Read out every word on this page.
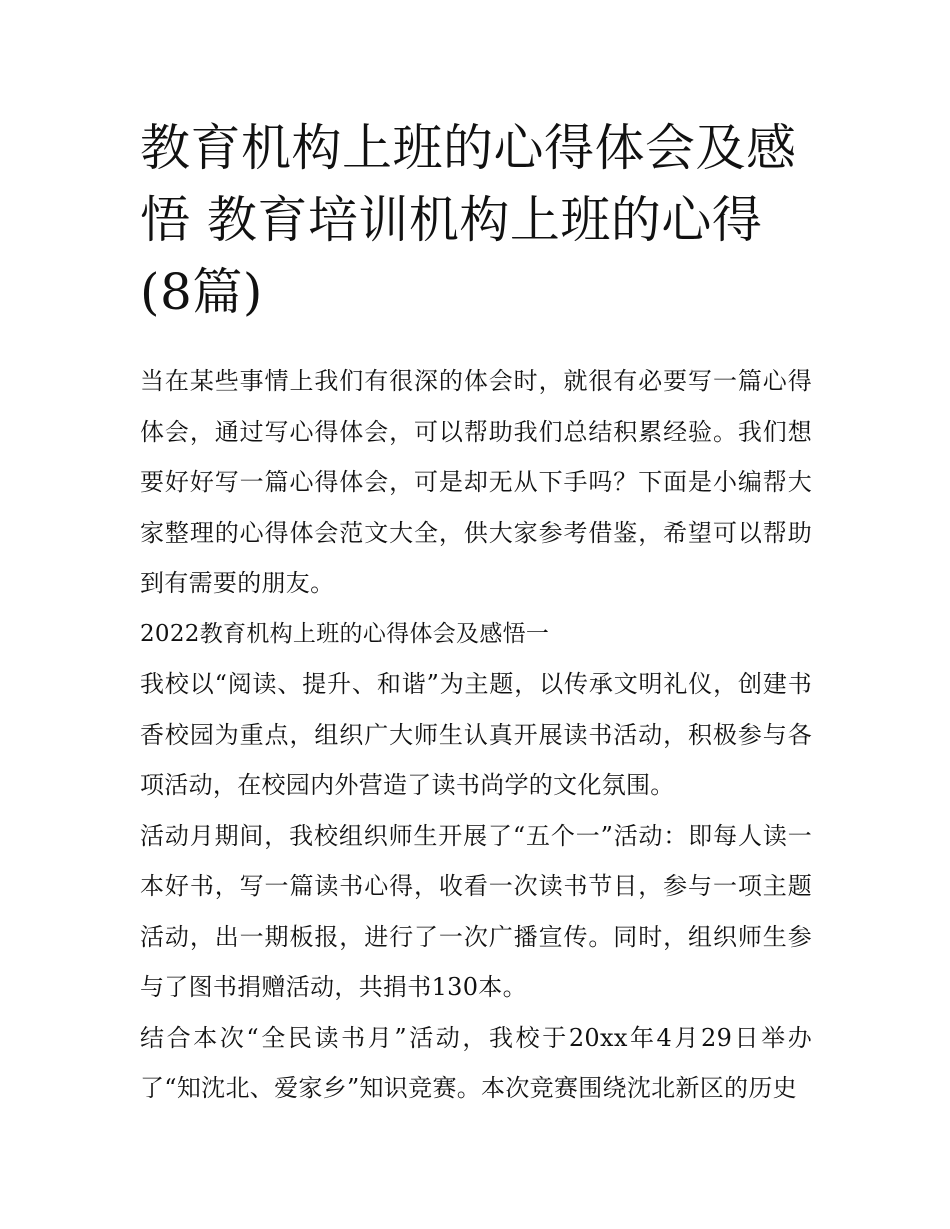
教育机构上班的心得体会及感悟 教育培训机构上班的心得(8篇)

当在某些事情上我们有很深的体会时，就很有必要写一篇心得体会，通过写心得体会，可以帮助我们总结积累经验。我们想要好好写一篇心得体会，可是却无从下手吗？下面是小编帮大家整理的心得体会范文大全，供大家参考借鉴，希望可以帮助到有需要的朋友。

2022教育机构上班的心得体会及感悟一

我校以“阅读、提升、和谐”为主题，以传承文明礼仪，创建书香校园为重点，组织广大师生认真开展读书活动，积极参与各项活动，在校园内外营造了读书尚学的文化氛围。

活动月期间，我校组织师生开展了“五个一”活动：即每人读一本好书，写一篇读书心得，收看一次读书节目，参与一项主题活动，出一期板报，进行了一次广播宣传。同时，组织师生参与了图书捐赠活动，共捐书130本。

结合本次“全民读书月”活动，我校于20xx年4月29日举办了“知沈北、爱家乡”知识竞赛。本次竞赛围绕沈北新区的历史
